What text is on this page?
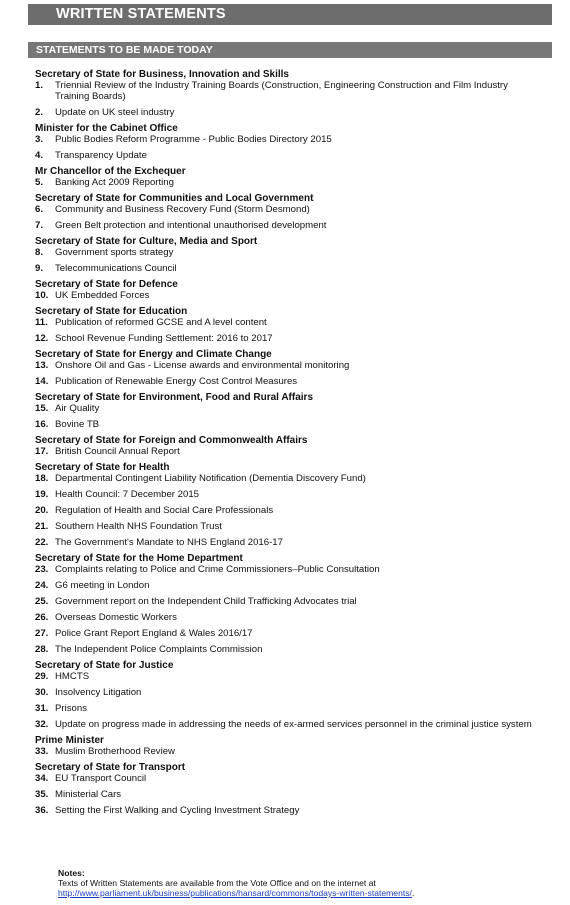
WRITTEN STATEMENTS
STATEMENTS TO BE MADE TODAY
Secretary of State for Business, Innovation and Skills
1.	Triennial Review of the Industry Training Boards (Construction, Engineering Construction and Film Industry Training Boards)
2.	Update on UK steel industry
Minister for the Cabinet Office
3.	Public Bodies Reform Programme - Public Bodies Directory 2015
4.	Transparency Update
Mr Chancellor of the Exchequer
5.	Banking Act 2009 Reporting
Secretary of State for Communities and Local Government
6.	Community and Business Recovery Fund (Storm Desmond)
7.	Green Belt protection and intentional unauthorised development
Secretary of State for Culture, Media and Sport
8.	Government sports strategy
9.	Telecommunications Council
Secretary of State for Defence
10. UK Embedded Forces
Secretary of State for Education
11. Publication of reformed GCSE and A level content
12. School Revenue Funding Settlement: 2016 to 2017
Secretary of State for Energy and Climate Change
13. Onshore Oil and Gas - License awards and environmental monitoring
14. Publication of Renewable Energy Cost Control Measures
Secretary of State for Environment, Food and Rural Affairs
15. Air Quality
16. Bovine TB
Secretary of State for Foreign and Commonwealth Affairs
17. British Council Annual Report
Secretary of State for Health
18. Departmental Contingent Liability Notification (Dementia Discovery Fund)
19. Health Council: 7 December 2015
20. Regulation of Health and Social Care Professionals
21. Southern Health NHS Foundation Trust
22. The Government's Mandate to NHS England 2016-17
Secretary of State for the Home Department
23. Complaints relating to Police and Crime Commissioners–Public Consultation
24. G6 meeting in London
25. Government report on the Independent Child Trafficking Advocates trial
26. Overseas Domestic Workers
27. Police Grant Report England & Wales 2016/17
28. The Independent Police Complaints Commission
Secretary of State for Justice
29. HMCTS
30. Insolvency Litigation
31. Prisons
32. Update on progress made in addressing the needs of ex-armed services personnel in the criminal justice system
Prime Minister
33. Muslim Brotherhood Review
Secretary of State for Transport
34. EU Transport Council
35. Ministerial Cars
36. Setting the First Walking and Cycling Investment Strategy
Notes:
Texts of Written Statements are available from the Vote Office and on the internet at
http://www.parliament.uk/business/publications/hansard/commons/todays-written-statements/.
